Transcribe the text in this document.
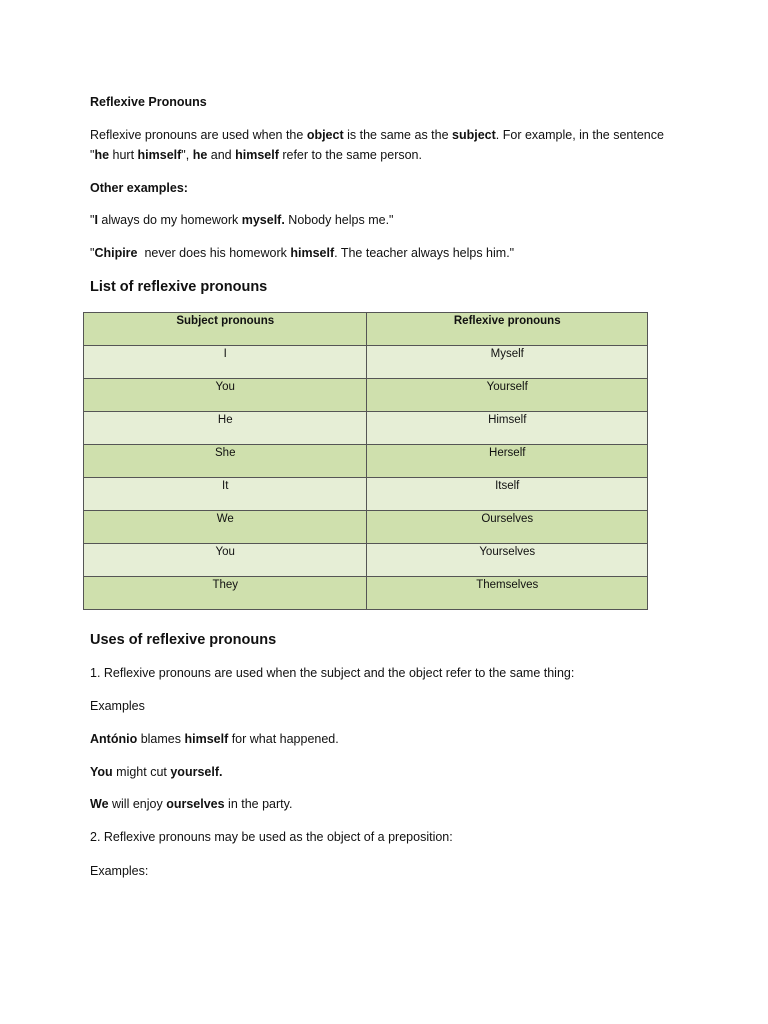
Reflexive Pronouns
Reflexive pronouns are used when the object is the same as the subject. For example, in the sentence
"he hurt himself", he and himself refer to the same person.
Other examples:
"I always do my homework myself. Nobody helps me."
"Chipire  never does his homework himself. The teacher always helps him."
List of reflexive pronouns
Subject pronouns	Reflexive pronouns
I	Myself
You	Yourself
He	Himself
She	Herself
It	Itself
We	Ourselves
You	Yourselves
They	Themselves
Uses of reflexive pronouns
1. Reflexive pronouns are used when the subject and the object refer to the same thing:
Examples
António blames himself for what happened.
You might cut yourself.
We will enjoy ourselves in the party.
2. Reflexive pronouns may be used as the object of a preposition:
Examples:
